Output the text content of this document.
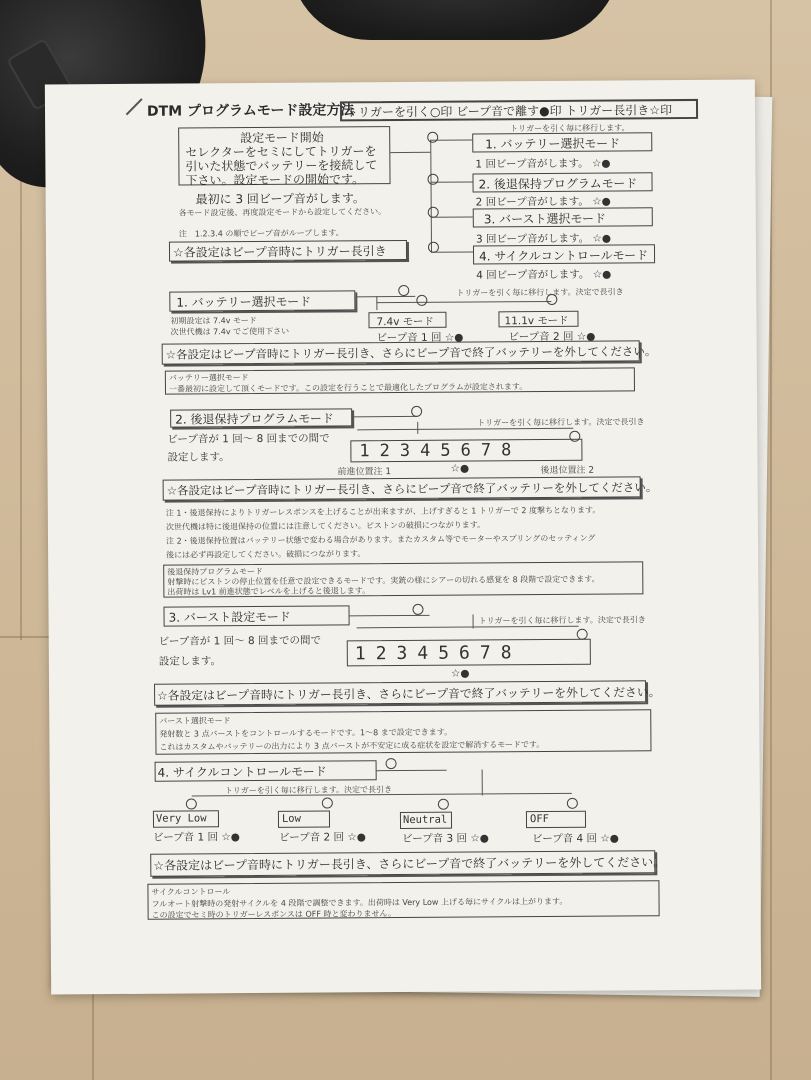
DTM プログラムモード設定方法
トリガーを引く○印 ビープ音で離す●印 トリガー長引き☆印
設定モード開始
セレクターをセミにしてトリガーを
引いた状態でバッテリーを接続して
下さい。設定モードの開始です。
最初に 3 回ビープ音がします。
各モード設定後、再度設定モードから設定してください。
注　1.2.3.4 の順でビープ音がループします。
☆各設定はビープ音時にトリガー長引き
トリガーを引く毎に移行します。
1. バッテリー選択モード
1 回ビープ音がします。 ☆●
2. 後退保持プログラムモード
2 回ビープ音がします。 ☆●
3. バースト選択モード
3 回ビープ音がします。 ☆●
4. サイクルコントロールモード
4 回ビープ音がします。 ☆●
1. バッテリー選択モード
トリガーを引く毎に移行します。決定で長引き
初期設定は 7.4v モード
次世代機は 7.4v でご使用下さい
7.4v モード
ビープ音 1 回 ☆●
11.1v モード
ビープ音 2 回 ☆●
☆各設定はビープ音時にトリガー長引き、さらにビープ音で終了バッテリーを外してください。
バッテリー選択モード
一番最初に設定して頂くモードです。この設定を行うことで最適化したプログラムが設定されます。
2. 後退保持プログラムモード	トリガーを引く毎に移行します。決定で長引き
ビープ音が 1 回～ 8 回までの間で
設定します。	12345678
前進位置注 1	☆●	後退位置注 2
☆各設定はビープ音時にトリガー長引き、さらにビープ音で終了バッテリーを外してください。
注 1・後退保持によりトリガーレスポンスを上げることが出来ますが、上げすぎると 1 トリガーで 2 度撃ちとなります。
次世代機は特に後退保持の位置には注意してください。ピストンの破損につながります。
注 2・後退保持位置はバッテリー状態で変わる場合があります。またカスタム等でモーターやスプリングのセッティング
後には必ず再設定してください。破損につながります。
後退保持プログラムモード
射撃時にピストンの停止位置を任意で設定できるモードです。実銃の様にシアーの切れる感覚を 8 段階で設定できます。
出荷時は Lv1 前進状態でレベルを上げると後退します。
3. バースト設定モード	トリガーを引く毎に移行します。決定で長引き
ビープ音が 1 回～ 8 回までの間で
設定します。	12345678
☆●
☆各設定はビープ音時にトリガー長引き、さらにビープ音で終了バッテリーを外してください。
バースト選択モード
発射数と 3 点バーストをコントロールするモードです。1～8 まで設定できます。
これはカスタムやバッテリーの出力により 3 点バーストが不安定に成る症状を設定で解消するモードです。
4. サイクルコントロールモード
トリガーを引く毎に移行します。決定で長引き
Very Low
ビープ音 1 回 ☆●
Low
ビープ音 2 回 ☆●
Neutral
ビープ音 3 回 ☆●
OFF
ビープ音 4 回 ☆●
☆各設定はビープ音時にトリガー長引き、さらにビープ音で終了バッテリーを外してください。
サイクルコントロール
フルオート射撃時の発射サイクルを 4 段階で調整できます。出荷時は Very Low 上げる毎にサイクルは上がります。
この設定でセミ時のトリガーレスポンスは OFF 時と変わりません。
